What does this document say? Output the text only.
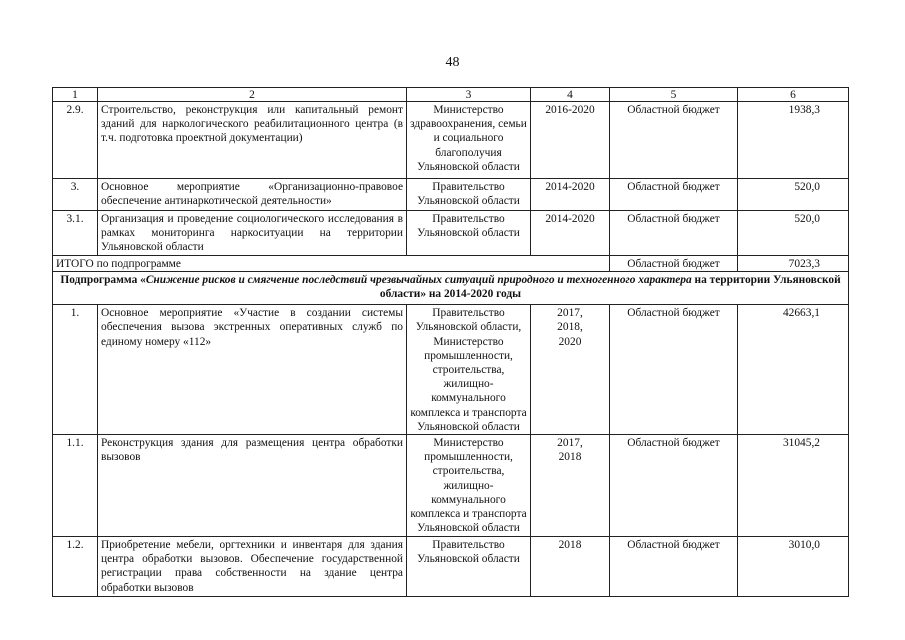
48
1	2	3	4	5	6
2.9.	Строительство, реконструкция или капитальный ремонт зданий для наркологического реабилитационного центра (в т.ч. подготовка проектной документации)	Министерство здравоохранения, семьи и социального благополучия Ульяновской области	2016-2020	Областной бюджет	1938,3
3.	Основное мероприятие «Организационно-правовое обеспечение антинаркотической деятельности»	Правительство Ульяновской области	2014-2020	Областной бюджет	520,0
3.1.	Организация и проведение социологического исследования в рамках мониторинга наркоситуации на территории Ульяновской области	Правительство Ульяновской области	2014-2020	Областной бюджет	520,0
ИТОГО по подпрограмме				Областной бюджет	7023,3
Подпрограмма «Снижение рисков и смягчение последствий чрезвычайных ситуаций природного и техногенного характера на территории Ульяновской области» на 2014-2020 годы					
1.	Основное мероприятие «Участие в создании системы обеспечения вызова экстренных оперативных служб по единому номеру «112»	Правительство Ульяновской области, Министерство промышленности, строительства, жилищно-коммунального комплекса и транспорта Ульяновской области	2017, 2018, 2020	Областной бюджет	42663,1
1.1.	Реконструкция здания для размещения центра обработки вызовов	Министерство промышленности, строительства, жилищно-коммунального комплекса и транспорта Ульяновской области	2017, 2018	Областной бюджет	31045,2
1.2.	Приобретение мебели, оргтехники и инвентаря для здания центра обработки вызовов. Обеспечение государственной регистрации права собственности на здание центра обработки вызовов	Правительство Ульяновской области	2018	Областной бюджет	3010,0
